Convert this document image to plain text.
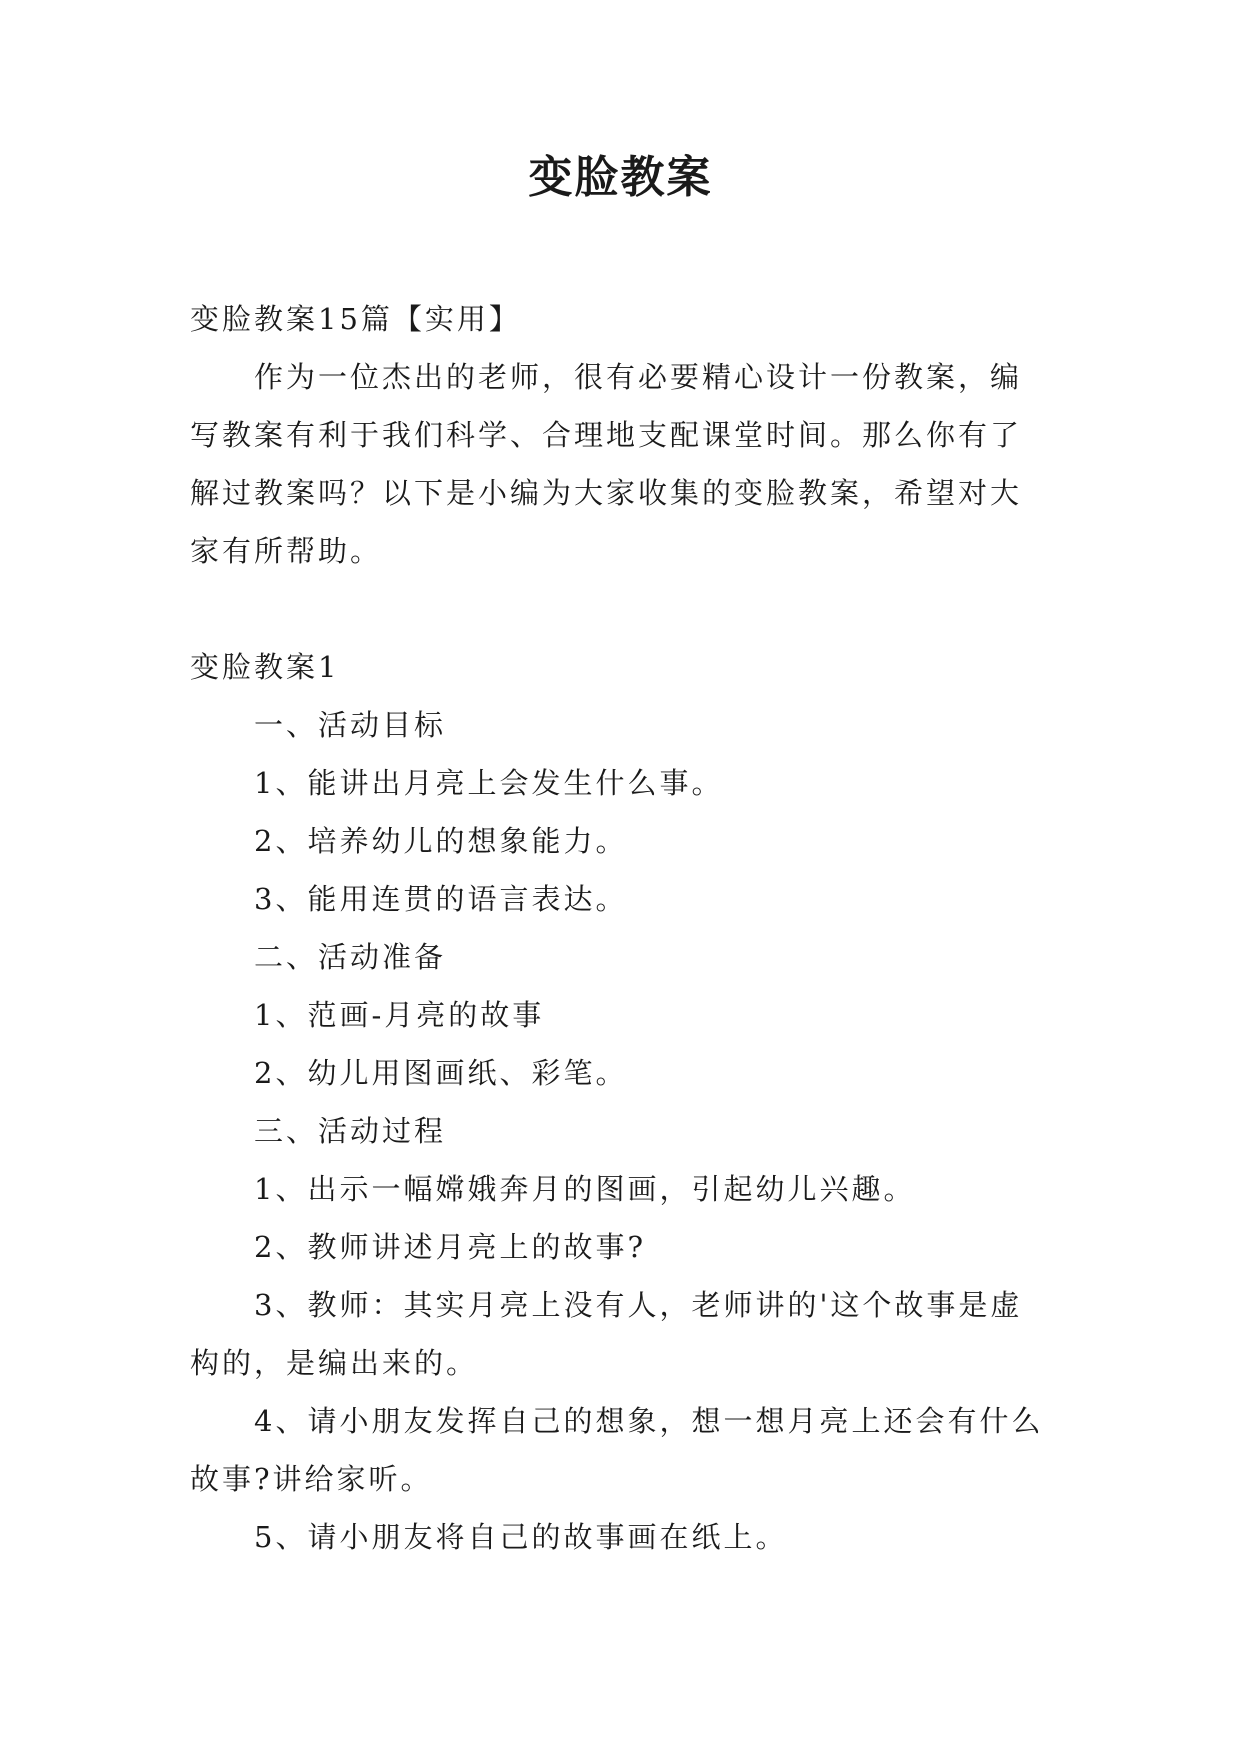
变脸教案

变脸教案15篇【实用】

作为一位杰出的老师，很有必要精心设计一份教案，编写教案有利于我们科学、合理地支配课堂时间。那么你有了解过教案吗？以下是小编为大家收集的变脸教案，希望对大家有所帮助。

变脸教案1

一、活动目标

1、能讲出月亮上会发生什么事。

2、培养幼儿的想象能力。

3、能用连贯的语言表达。

二、活动准备

1、范画-月亮的故事

2、幼儿用图画纸、彩笔。

三、活动过程

1、出示一幅嫦娥奔月的图画，引起幼儿兴趣。

2、教师讲述月亮上的故事?

3、教师：其实月亮上没有人，老师讲的'这个故事是虚构的，是编出来的。

4、请小朋友发挥自己的想象，想一想月亮上还会有什么故事?讲给家听。

5、请小朋友将自己的故事画在纸上。
